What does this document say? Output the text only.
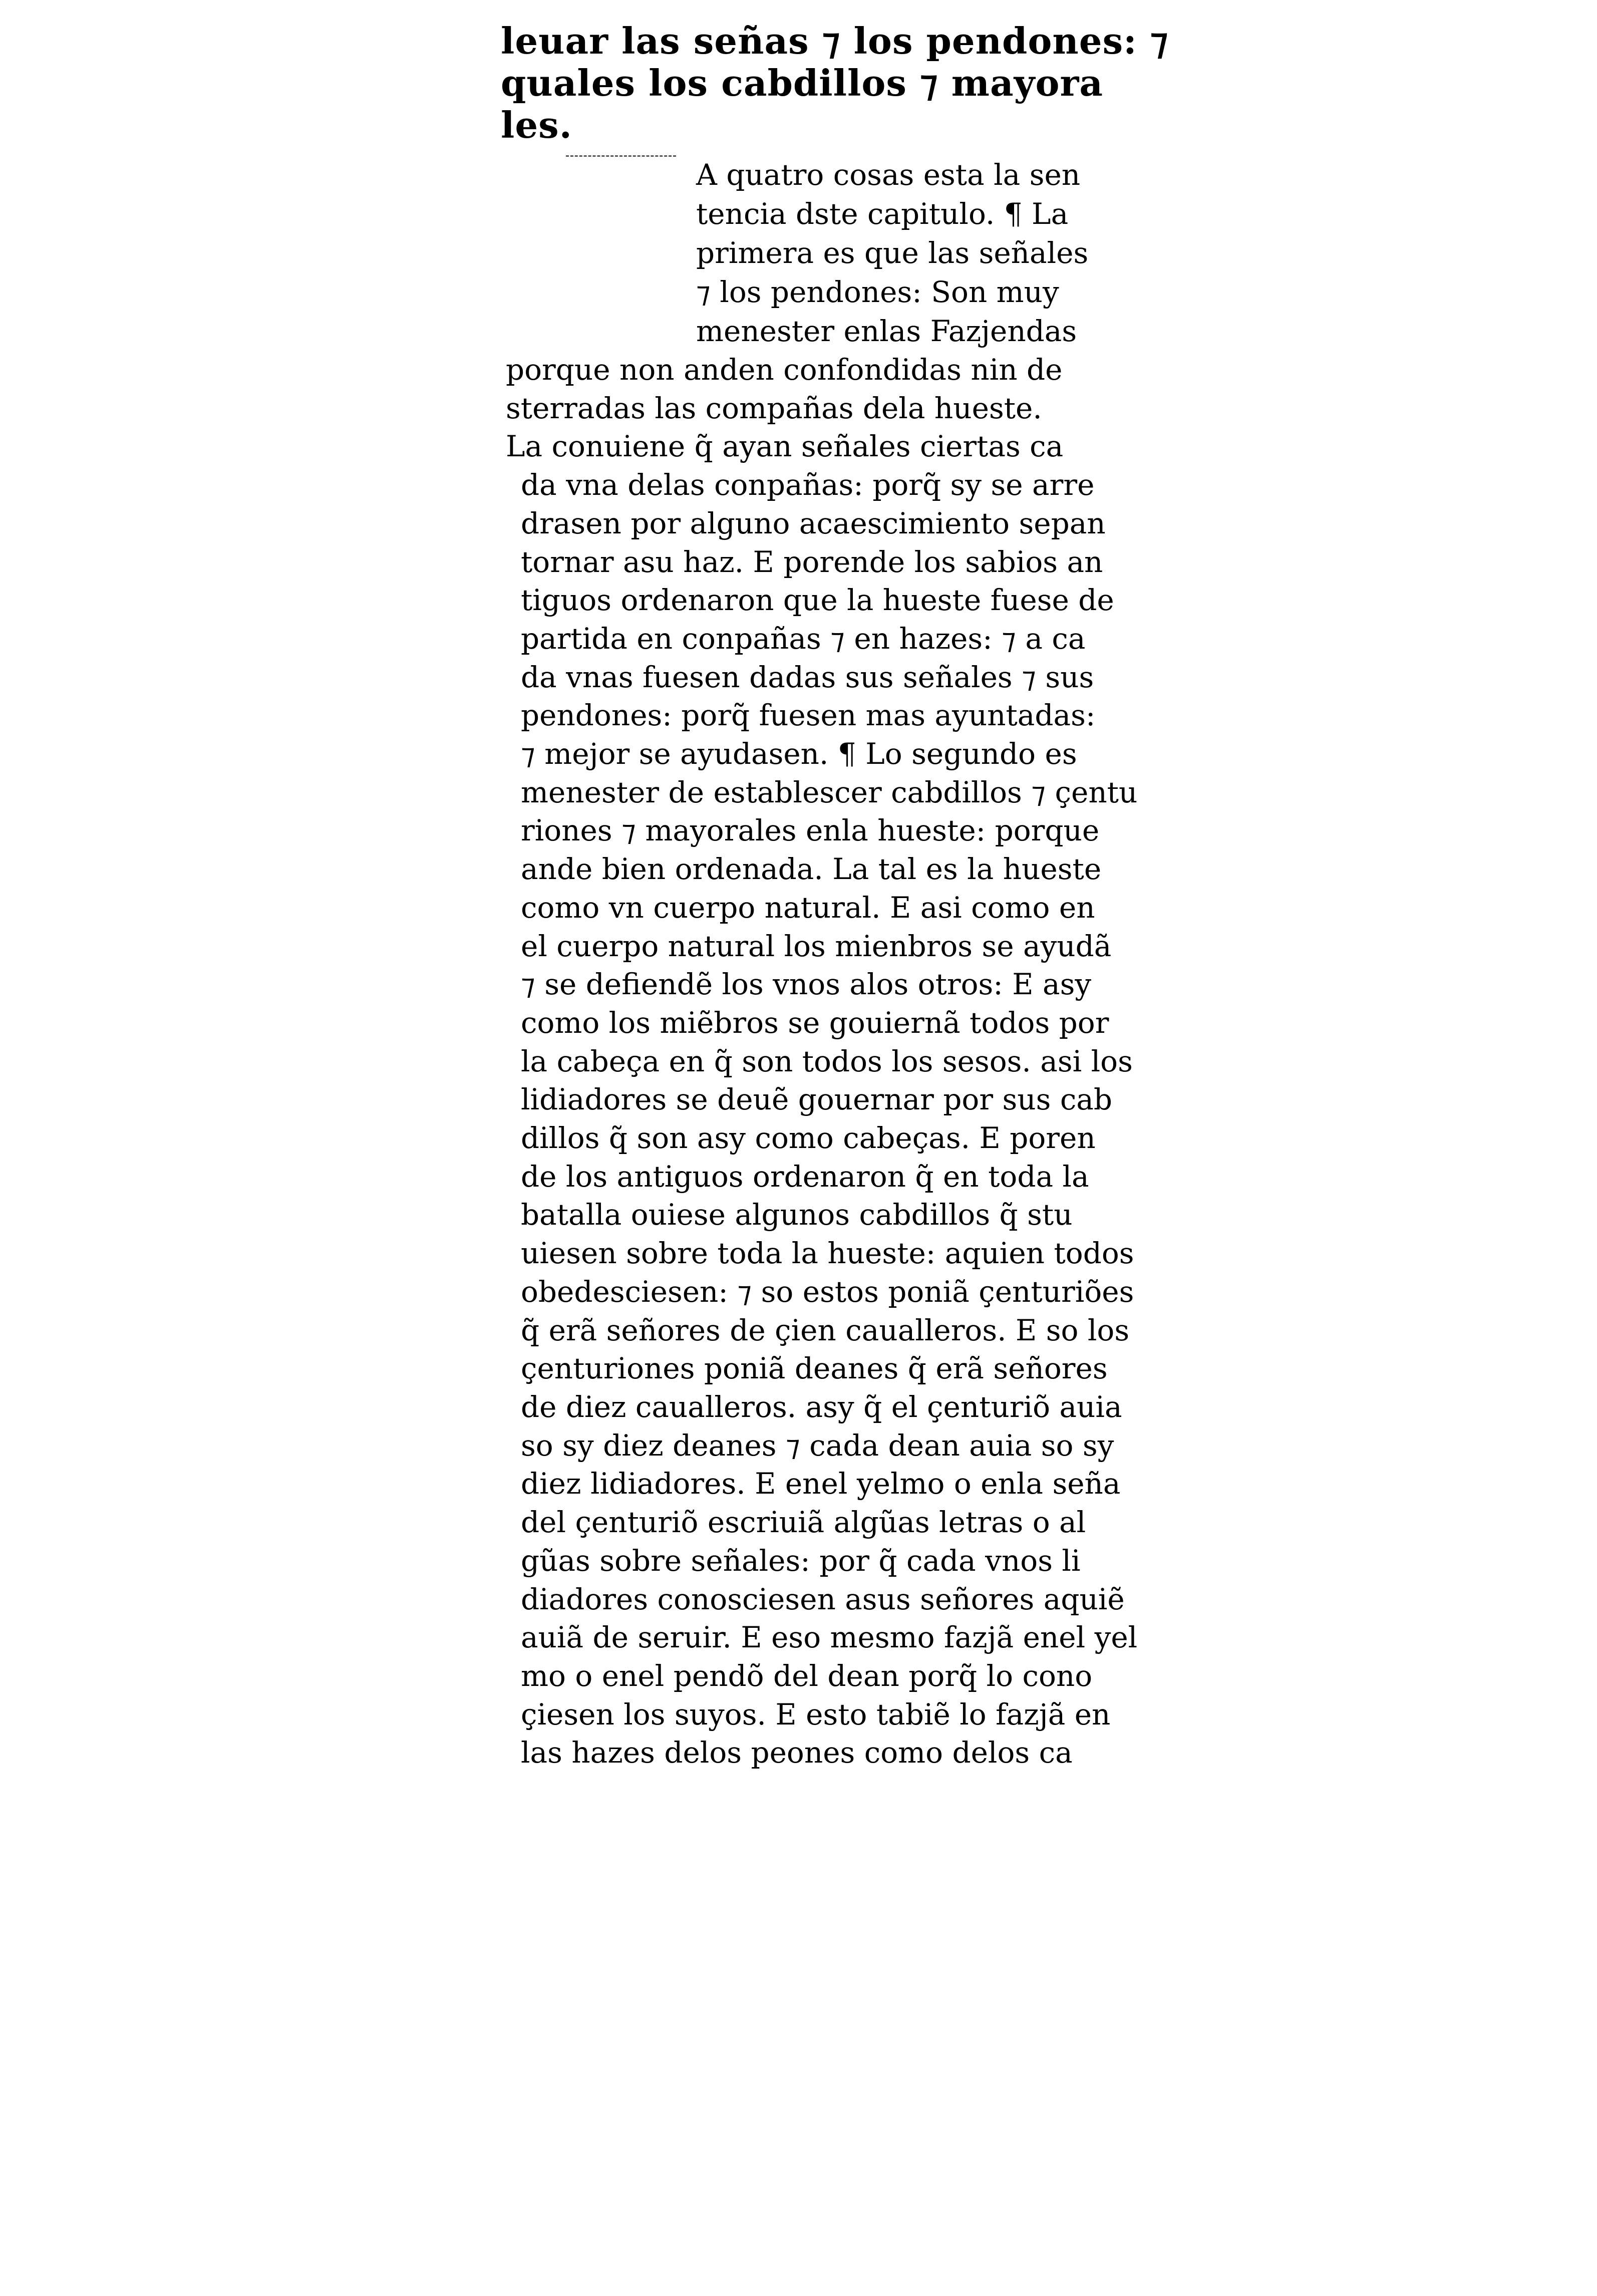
leuar las señas ⁊ los pendones: ⁊
quales los cabdillos ⁊ mayora
les.
A quatro cosas esta la sen
tencia dste capitulo. ¶ La
primera es que las señales
⁊ los pendones: Son muy
menester enlas Fazjendas
porque non anden confondidas nin de
sterradas las compañas dela hueste.
La conuiene q̃ ayan señales ciertas ca
da vna delas conpañas: porq̃ sy se arre
drasen por alguno acaescimiento sepan
tornar asu haz. E porende los sabios an
tiguos ordenaron que la hueste fuese de
partida en conpañas ⁊ en hazes: ⁊ a ca
da vnas fuesen dadas sus señales ⁊ sus
pendones: porq̃ fuesen mas ayuntadas:
⁊ mejor se ayudasen. ¶ Lo segundo es
menester de establescer cabdillos ⁊ çentu
riones ⁊ mayorales enla hueste: porque
ande bien ordenada. La tal es la hueste
como vn cuerpo natural. E asi como en
el cuerpo natural los mienbros se ayudã
⁊ se defiendẽ los vnos alos otros: E asy
como los miẽbros se gouiernã todos por
la cabeça en q̃ son todos los sesos. asi los
lidiadores se deuẽ gouernar por sus cab
dillos q̃ son asy como cabeças. E poren
de los antiguos ordenaron q̃ en toda la
batalla ouiese algunos cabdillos q̃ stu
uiesen sobre toda la hueste: aquien todos
obedesciesen: ⁊ so estos poniã çenturiões
q̃ erã señores de çien caualleros. E so los
çenturiones poniã deanes q̃ erã señores
de diez caualleros. asy q̃ el çenturiõ auia
so sy diez deanes ⁊ cada dean auia so sy
diez lidiadores. E enel yelmo o enla seña
del çenturiõ escriuiã algũas letras o al
gũas sobre señales: por q̃ cada vnos li
diadores conosciesen asus señores aquiẽ
auiã de seruir. E eso mesmo fazjã enel yel
mo o enel pendõ del dean porq̃ lo cono
çiesen los suyos. E esto tabiẽ lo fazjã en
las hazes delos peones como delos ca
